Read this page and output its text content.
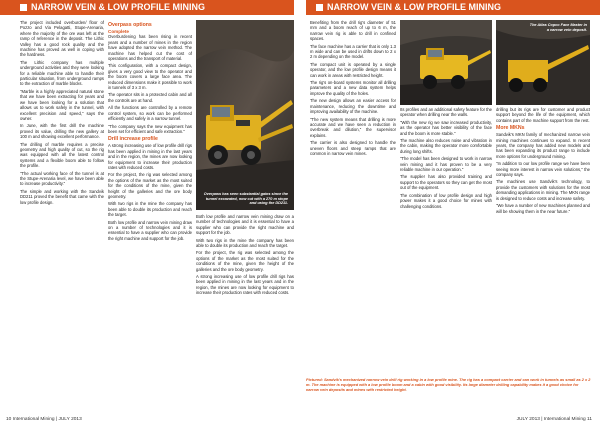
NARROW VEIN & LOW PROFILE MINING

The project included overburden/ floor of Pozzo and Via Pelagatti, Stupe-Arenaria, where the majority of the ore was left at the ramp of reference in the deposit. The Lithic Valley has a good rock quality and the machine has proved as well in coping with the hardness.

The Lithic company has multiple underground activities and they were looking for a reliable machine able to handle their particular situation, from underground ramps to the extraction of marble blocks.

"Marble is a highly appreciated natural stone that we have been extracting for years and we have been looking for a solution that allows us to work safely in the tunnel, with excellent precision and speed," says the owner.

In June, with the first drill the machine proved its value, drilling the new gallery at 100 m and showing excellent performance.

The drilling of marble requires a precise geometry and high quality of cut, so the rig was equipped with all the latest control systems and a flexible boom able to follow the profile.

"The actual working face of the tunnel is at the Stupe-Arenaria level, we have been able to increase productivity."

The simple and working with the Sandvik DD211 proved the benefit that came with the low profile design.

Overpass options
Complete

Overburdening has been rising in recent years and a number of mines in the region have adopted the narrow vein method. The machine has helped cut the cost of operations and the transport of material.

This configuration, with a compact design, gives a very good view to the operator and the boom covers a large face area. The reduced dimensions make it possible to work in tunnels of 3 x 3 m.

The operator sits in a protected cabin and all the controls are at hand.

All the functions are controlled by a remote control system, so work can be performed efficiently and safely in a narrow tunnel.

"The company says the new equipment has been set for efficient and safe extraction."

Drill increase profile

A strong increasing use of low profile drill rigs has been applied in mining in the last years and in the region, the mines are now looking for equipment to increase their production rates with reduced costs.

For the project, the rig was selected among the options of the market as the most suited for the conditions of the mine, given the height of the galleries and the ore body geometry.

With two rigs in the mine the company has been able to double its production and reach the target.

Both low profile and narrow vein mining draw on a number of technologies and it is essential to have a supplier who can provide the right machine and support for the job.

Overpass has seen substantial gains since the tunnel excavated, now cut with a 270 m stope and using the DD211.

Both low profile and narrow vein mining draw on a number of technologies and it is essential to have a supplier who can provide the right machine and support for the job.

With two rigs in the mine the company has been able to double its production and reach the target.

For the project, the rig was selected among the options of the market as the most suited for the conditions of the mine, given the height of the galleries and the ore body geometry.

A strong increasing use of low profile drill rigs has been applied in mining in the last years and in the region, the mines are now looking for equipment to increase their production rates with reduced costs.

NARROW VEIN & LOW PROFILE MINING

Benefiting from the drill rig's diameter of 51 mm and a boom reach of up to 6 m, the narrow vein rig is able to drill in confined spaces.

The face machine has a carrier that is only 1.3 m wide and can be used in drifts down to 2 x 2 m depending on the model.

The compact unit is operated by a single operator, and the low profile design means it can work in areas with restricted height.

The rig's on-board systems monitor all drilling parameters and a new data system helps improve the quality of the holes.

The new design allows an easier access for maintenance, reducing the downtime and improving availability of the machine.

"The new system means that drilling is more accurate and we have seen a reduction in overbreak and dilution," the supervisor explains.

The carrier is also designed to handle the uneven floors and steep ramps that are common in narrow vein mines.

Its profiles and an additional safety feature for the operator when drilling near the walls.

"With the new rig we saw increased productivity, as the operator has better visibility of the face and the boom is more stable."

The machine also reduces noise and vibration in the cabin, making the operator more comfortable during long shifts.

"The model has been designed to work in narrow vein mining and it has proven to be a very reliable machine in our operation."

The supplier has also provided training and support to the operators so they can get the most out of the equipment.

The combination of low profile design and high power makes it a good choice for mines with challenging conditions.

The Atlas Copco Face Master in a narrow vein deposit.

drilling but its rigs are for customer and product support beyond the life of the equipment, which contains part of the machine support from the rest.

More MKNs

Sandvik's MKN family of mechanized narrow vein mining machines continues to expand. In recent years, the company has added new models and has been expanding its product range to include more options for underground mining.

"In addition to our low profile range we have been seeing more interest in narrow vein solutions," the company says.

The machines use Sandvik's technology, to provide the customers with solutions for the most demanding applications in mining. The MKN range is designed to reduce costs and increase safety.

"We have a number of new machines planned and will be showing them in the near future."

Pictured: Sandvik's mechanized narrow vein drill rig working in a low profile mine. The rig has a compact carrier and can work in tunnels as small as 2 x 2 m. The machine is equipped with a low profile boom and a cabin with good visibility. Its large diameter drilling capability makes it a good choice for narrow vein deposits and mines with restricted height.
10 International Mining | JULY 2013	JULY 2013 | International Mining 11
